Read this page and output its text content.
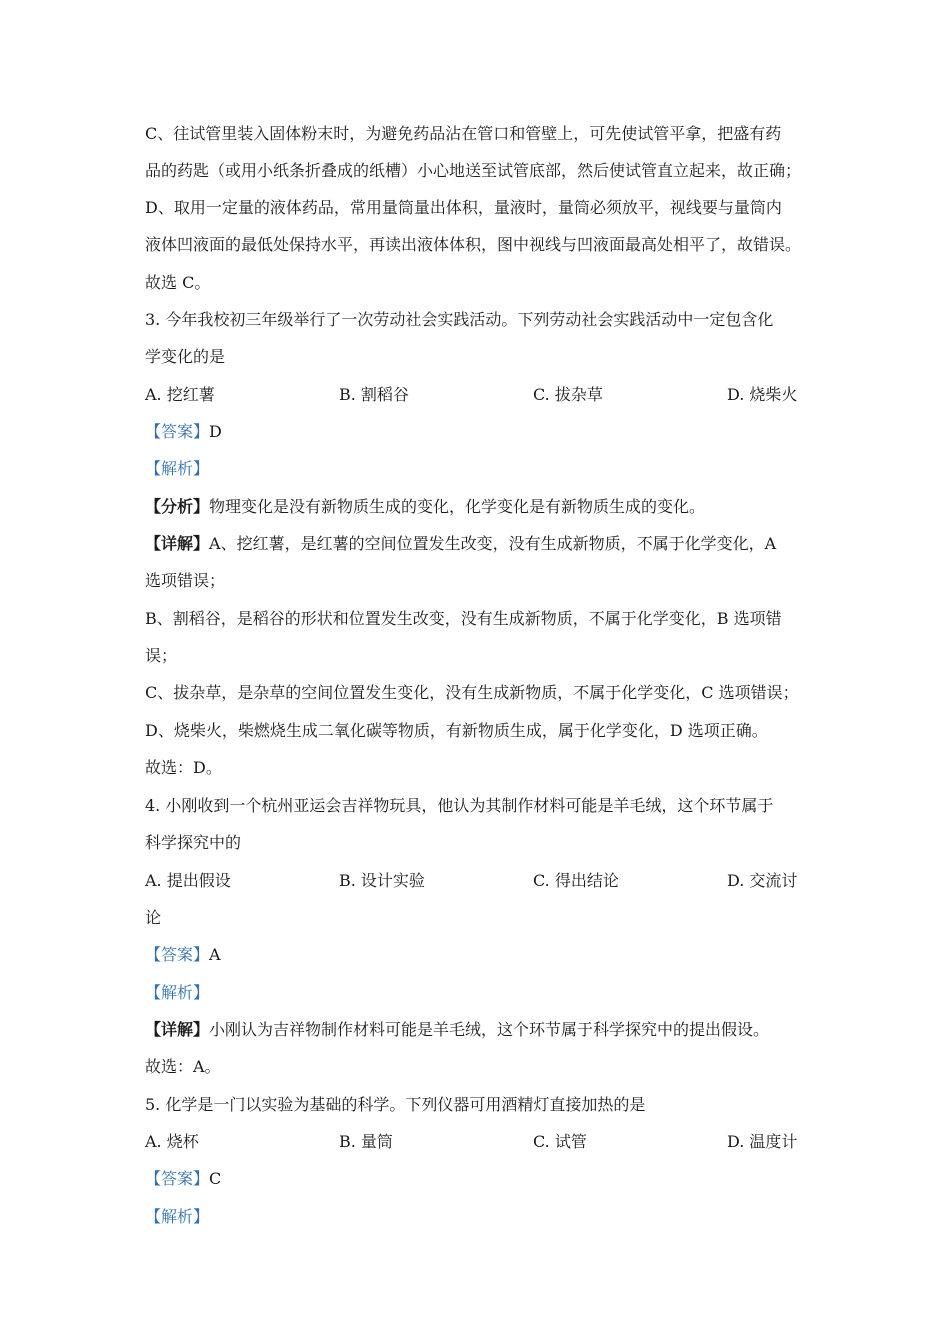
C、往试管里装入固体粉末时，为避免药品沾在管口和管壁上，可先使试管平拿，把盛有药
品的药匙（或用小纸条折叠成的纸槽）小心地送至试管底部，然后使试管直立起来，故正确；
D、取用一定量的液体药品，常用量筒量出体积，量液时，量筒必须放平，视线要与量筒内
液体凹液面的最低处保持水平，再读出液体体积，图中视线与凹液面最高处相平了，故错误。
故选 C。
3. 今年我校初三年级举行了一次劳动社会实践活动。下列劳动社会实践活动中一定包含化
学变化的是
A. 挖红薯	B. 割稻谷	C. 拔杂草	D. 烧柴火
【答案】D
【解析】
【分析】物理变化是没有新物质生成的变化，化学变化是有新物质生成的变化。
【详解】A、挖红薯，是红薯的空间位置发生改变，没有生成新物质，不属于化学变化，A
选项错误；
B、割稻谷，是稻谷的形状和位置发生改变，没有生成新物质，不属于化学变化，B 选项错
误；
C、拔杂草，是杂草的空间位置发生变化，没有生成新物质，不属于化学变化，C 选项错误；
D、烧柴火，柴燃烧生成二氧化碳等物质，有新物质生成，属于化学变化，D 选项正确。
故选：D。
4. 小刚收到一个杭州亚运会吉祥物玩具，他认为其制作材料可能是羊毛绒，这个环节属于
科学探究中的
A. 提出假设	B. 设计实验	C. 得出结论	D. 交流讨
论
【答案】A
【解析】
【详解】小刚认为吉祥物制作材料可能是羊毛绒，这个环节属于科学探究中的提出假设。
故选：A。
5. 化学是一门以实验为基础的科学。下列仪器可用酒精灯直接加热的是
A. 烧杯	B. 量筒	C. 试管	D. 温度计
【答案】C
【解析】
